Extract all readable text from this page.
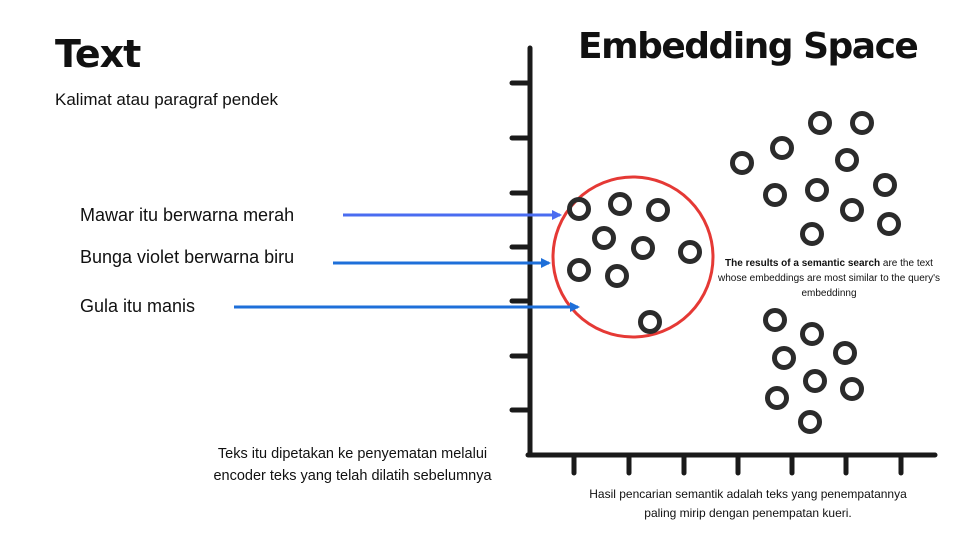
Text	Embedding Space
Kalimat atau paragraf pendek
Mawar itu berwarna merah
Bunga violet berwarna biru
Gula itu manis
The results of a semantic search are the text whose embeddings are most similar to the query's embeddinng
Teks itu dipetakan ke penyematan melalui
encoder teks yang telah dilatih sebelumnya
Hasil pencarian semantik adalah teks yang penempatannya
paling mirip dengan penempatan kueri.
